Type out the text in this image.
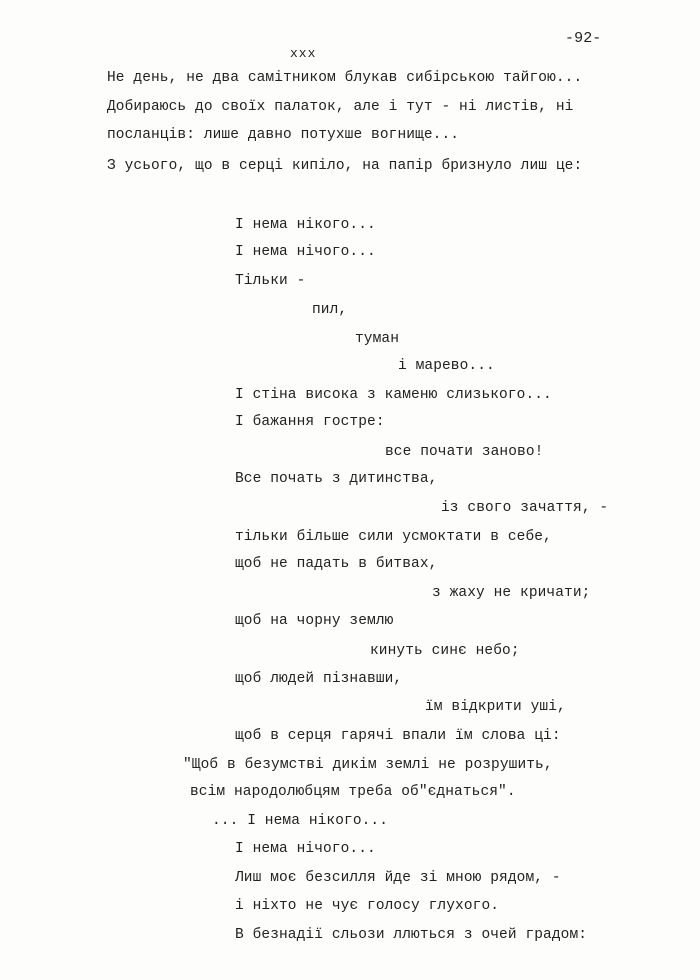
-92-
xxx
Не день, не два самітником блукав сибірською тайгою...
Добираюсь до своїх палаток, але і тут - ні листів, ні
посланців: лише давно потухше вогнище...
З усього, що в серці кипіло, на папір бризнуло лиш це:
І нема нікого...
І нема нічого...
Тільки -
пил,
туман
і марево...
І стіна висока з каменю слизького...
І бажання гостре:
все почати заново!
Все почать з дитинства,
із свого зачаття, -
тільки більше сили усмоктати в себе,
щоб не падать в битвах,
з жаху не кричати;
щоб на чорну землю
кинуть синє небо;
щоб людей пізнавши,
їм відкрити уші,
щоб в серця гарячі впали їм слова ці:
"Щоб в безумстві дикім землі не розрушить,
всім народолюбцям треба об"єднаться".
... І нема нікого...
І нема нічого...
Лиш моє безсилля йде зі мною рядом, -
і ніхто не чує голосу глухого.
В безнадії сльози ллються з очей градом:
